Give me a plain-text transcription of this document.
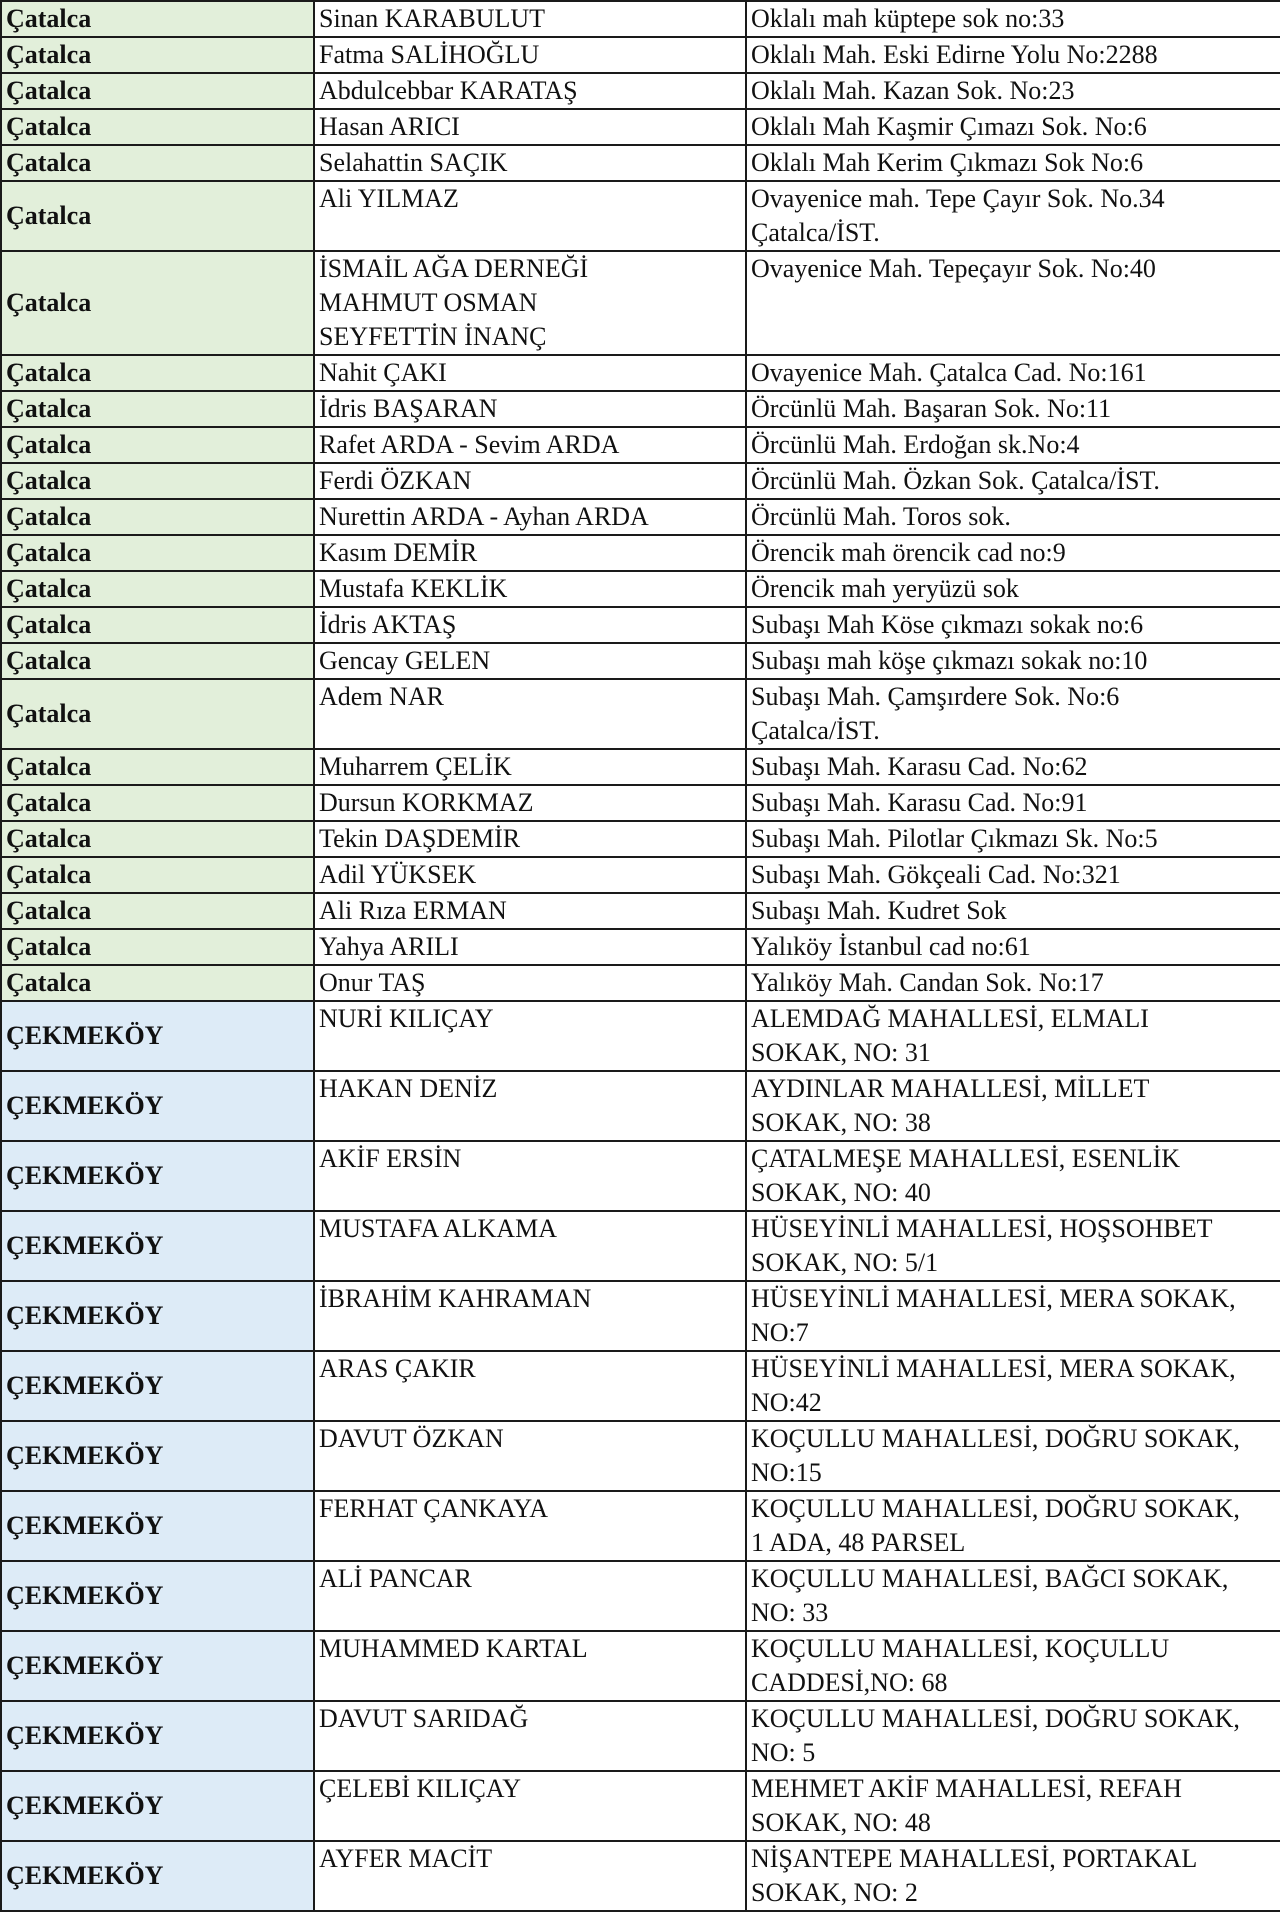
Çatalca	Sinan KARABULUT	Oklalı mah küptepe sok no:33
Çatalca	Fatma SALİHOĞLU	Oklalı Mah. Eski Edirne Yolu No:2288
Çatalca	Abdulcebbar KARATAŞ	Oklalı Mah. Kazan Sok. No:23
Çatalca	Hasan ARICI	Oklalı Mah Kaşmir Çımazı Sok. No:6
Çatalca	Selahattin SAÇIK	Oklalı Mah Kerim Çıkmazı Sok No:6
Çatalca	Ali YILMAZ	Ovayenice mah. Tepe Çayır Sok. No.34
Çatalca/İST.
Çatalca	İSMAİL AĞA DERNEĞİ
MAHMUT OSMAN
SEYFETTİN İNANÇ	Ovayenice Mah. Tepeçayır Sok. No:40
Çatalca	Nahit ÇAKI	Ovayenice Mah. Çatalca Cad. No:161
Çatalca	İdris BAŞARAN	Örcünlü Mah. Başaran Sok. No:11
Çatalca	Rafet ARDA - Sevim ARDA	Örcünlü Mah. Erdoğan sk.No:4
Çatalca	Ferdi ÖZKAN	Örcünlü Mah. Özkan Sok. Çatalca/İST.
Çatalca	Nurettin ARDA - Ayhan ARDA	Örcünlü Mah. Toros sok.
Çatalca	Kasım DEMİR	Örencik mah örencik cad no:9
Çatalca	Mustafa KEKLİK	Örencik mah yeryüzü sok
Çatalca	İdris AKTAŞ	Subaşı Mah Köse çıkmazı sokak no:6
Çatalca	Gencay GELEN	Subaşı mah köşe çıkmazı sokak no:10
Çatalca	Adem NAR	Subaşı Mah. Çamşırdere Sok. No:6
Çatalca/İST.
Çatalca	Muharrem ÇELİK	Subaşı Mah. Karasu Cad. No:62
Çatalca	Dursun KORKMAZ	Subaşı Mah. Karasu Cad. No:91
Çatalca	Tekin DAŞDEMİR	Subaşı Mah. Pilotlar Çıkmazı Sk. No:5
Çatalca	Adil YÜKSEK	Subaşı Mah. Gökçeali Cad. No:321
Çatalca	Ali Rıza ERMAN	Subaşı Mah. Kudret Sok
Çatalca	Yahya ARILI	Yalıköy İstanbul cad no:61
Çatalca	Onur TAŞ	Yalıköy Mah. Candan Sok. No:17
ÇEKMEKÖY	NURİ KILIÇAY	ALEMDAĞ MAHALLESİ, ELMALI
SOKAK, NO: 31
ÇEKMEKÖY	HAKAN DENİZ	AYDINLAR MAHALLESİ, MİLLET
SOKAK, NO: 38
ÇEKMEKÖY	AKİF ERSİN	ÇATALMEŞE MAHALLESİ, ESENLİK
SOKAK, NO: 40
ÇEKMEKÖY	MUSTAFA ALKAMA	HÜSEYİNLİ MAHALLESİ, HOŞSOHBET
SOKAK, NO: 5/1
ÇEKMEKÖY	İBRAHİM KAHRAMAN	HÜSEYİNLİ MAHALLESİ, MERA SOKAK,
NO:7
ÇEKMEKÖY	ARAS ÇAKIR	HÜSEYİNLİ MAHALLESİ, MERA SOKAK,
NO:42
ÇEKMEKÖY	DAVUT ÖZKAN	KOÇULLU MAHALLESİ, DOĞRU SOKAK,
NO:15
ÇEKMEKÖY	FERHAT ÇANKAYA	KOÇULLU MAHALLESİ, DOĞRU SOKAK,
1 ADA, 48 PARSEL
ÇEKMEKÖY	ALİ PANCAR	KOÇULLU MAHALLESİ, BAĞCI SOKAK,
NO: 33
ÇEKMEKÖY	MUHAMMED KARTAL	KOÇULLU MAHALLESİ, KOÇULLU
CADDESİ,NO: 68
ÇEKMEKÖY	DAVUT SARIDAĞ	KOÇULLU MAHALLESİ, DOĞRU SOKAK,
NO: 5
ÇEKMEKÖY	ÇELEBİ KILIÇAY	MEHMET AKİF MAHALLESİ, REFAH
SOKAK, NO: 48
ÇEKMEKÖY	AYFER MACİT	NİŞANTEPE MAHALLESİ, PORTAKAL
SOKAK, NO: 2
